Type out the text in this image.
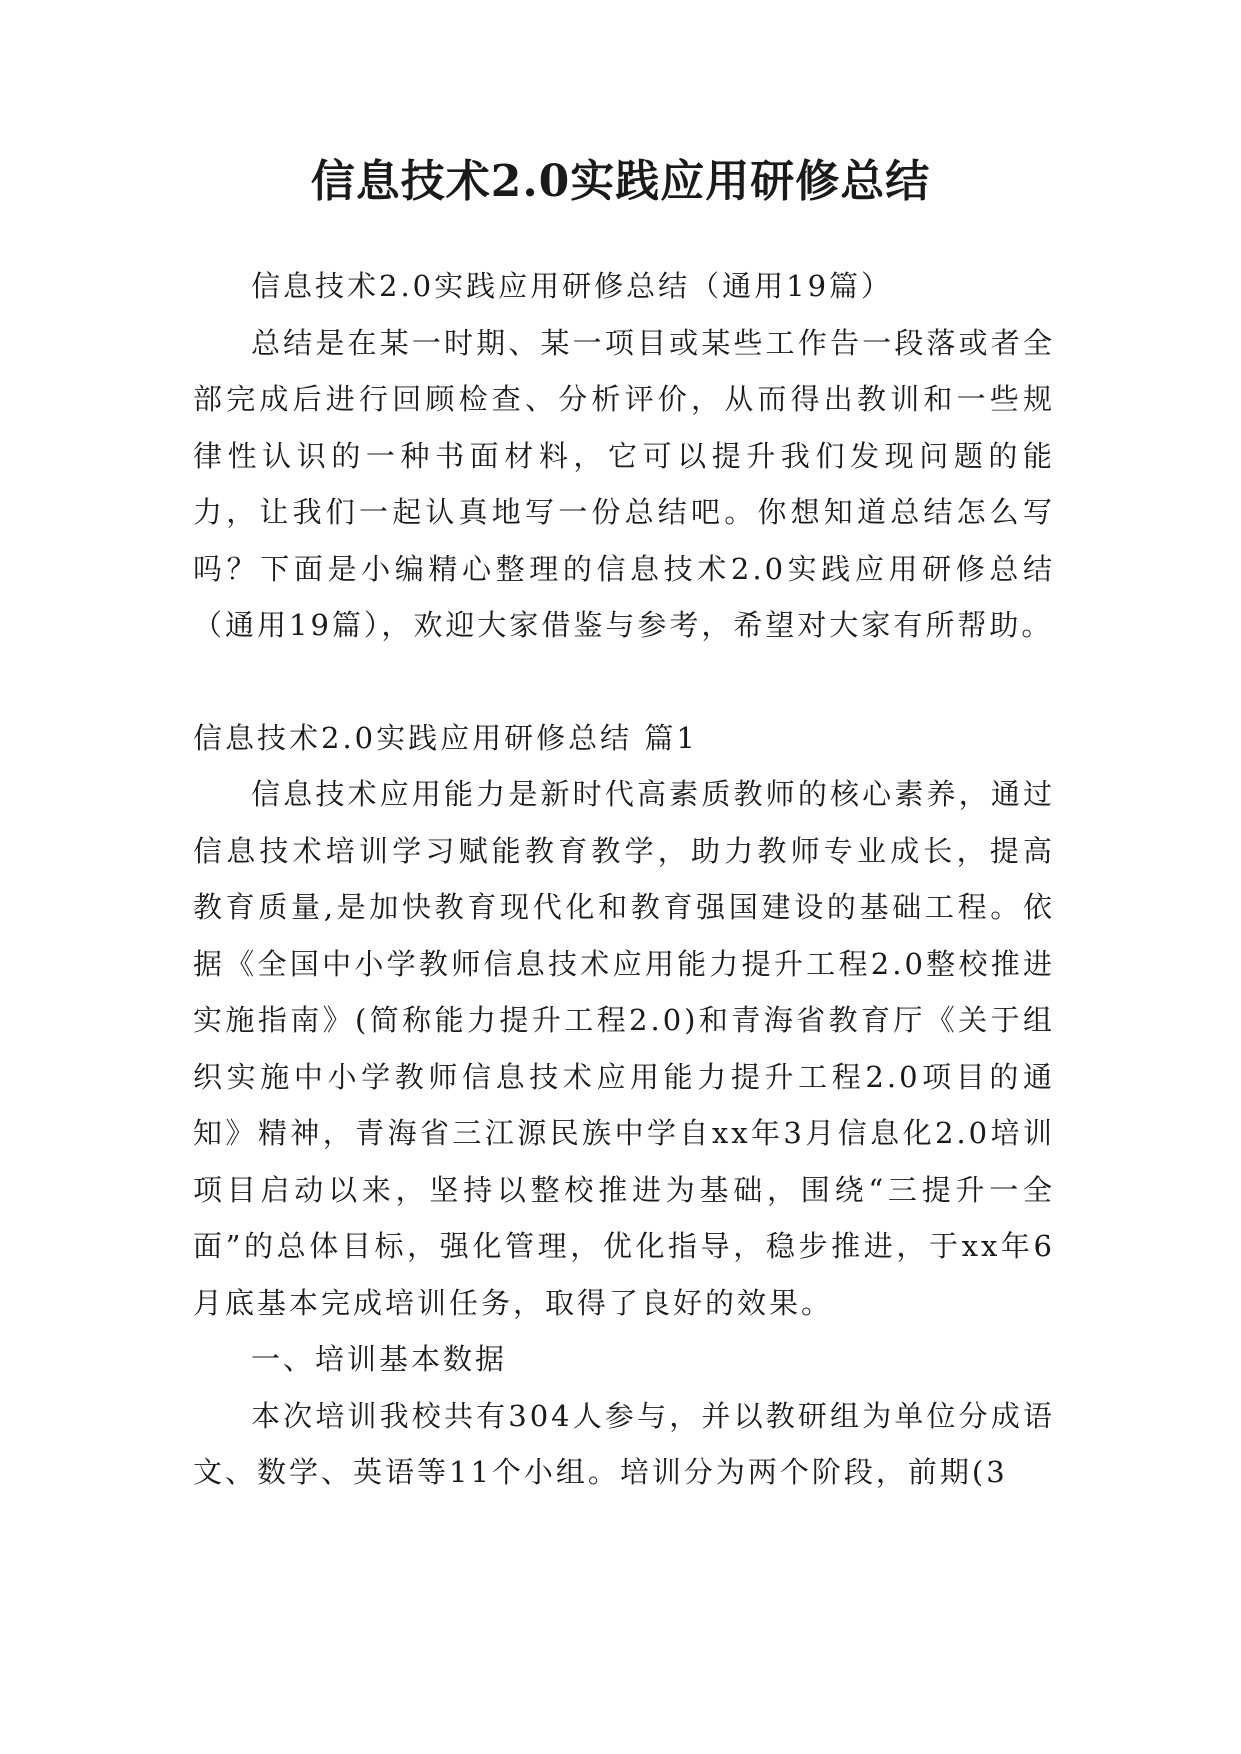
信息技术2.0实践应用研修总结

信息技术2.0实践应用研修总结（通用19篇）

总结是在某一时期、某一项目或某些工作告一段落或者全部完成后进行回顾检查、分析评价，从而得出教训和一些规律性认识的一种书面材料，它可以提升我们发现问题的能力，让我们一起认真地写一份总结吧。你想知道总结怎么写吗？下面是小编精心整理的信息技术2.0实践应用研修总结（通用19篇），欢迎大家借鉴与参考，希望对大家有所帮助。

信息技术2.0实践应用研修总结 篇1

信息技术应用能力是新时代高素质教师的核心素养，通过信息技术培训学习赋能教育教学，助力教师专业成长，提高教育质量,是加快教育现代化和教育强国建设的基础工程。依据《全国中小学教师信息技术应用能力提升工程2.0整校推进实施指南》(简称能力提升工程2.0)和青海省教育厅《关于组织实施中小学教师信息技术应用能力提升工程2.0项目的通知》精神，青海省三江源民族中学自xx年3月信息化2.0培训项目启动以来，坚持以整校推进为基础，围绕“三提升一全面”的总体目标，强化管理，优化指导，稳步推进，于xx年6月底基本完成培训任务，取得了良好的效果。

一、培训基本数据

本次培训我校共有304人参与，并以教研组为单位分成语文、数学、英语等11个小组。培训分为两个阶段，前期(3
